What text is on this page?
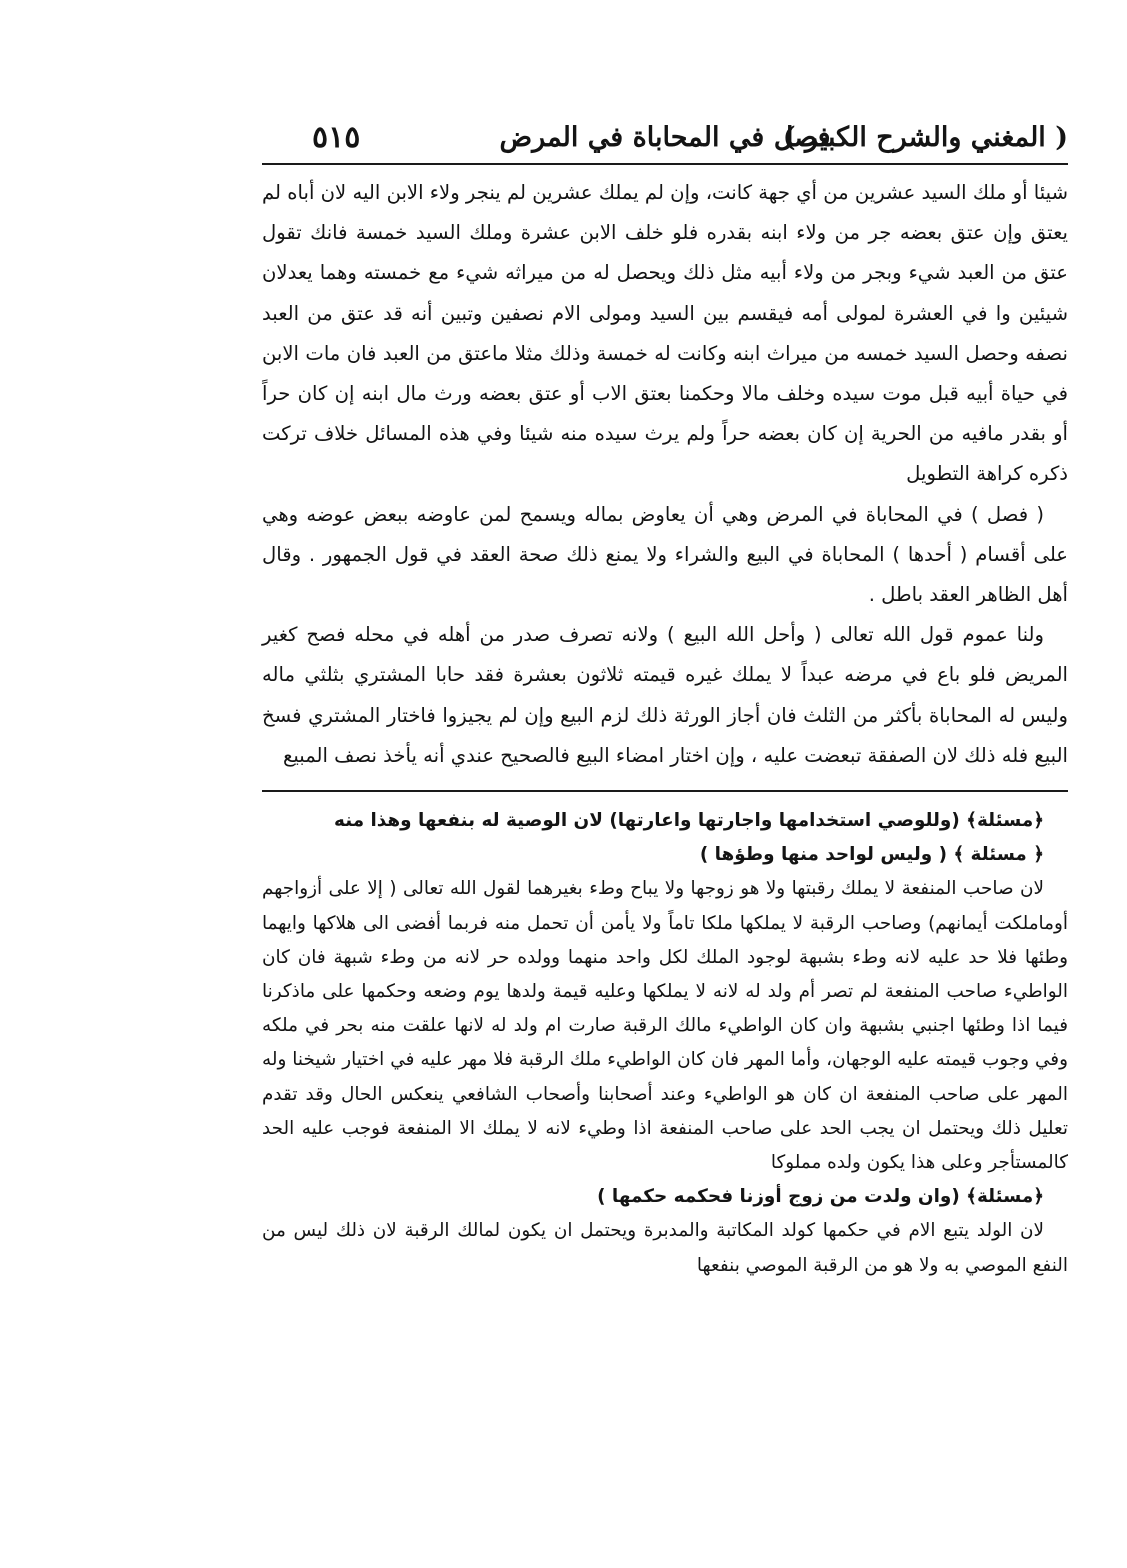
( المغني والشرح الكبير )
فصل في المحاباة في المرض
٥١٥

شيئا أو ملك السيد عشرين من أي جهة كانت، وإن لم يملك عشرين لم ينجر ولاء الابن اليه لان أباه لم يعتق وإن عتق بعضه جر من ولاء ابنه بقدره فلو خلف الابن عشرة وملك السيد خمسة فانك تقول عتق من العبد شيء وبجر من ولاء أبيه مثل ذلك ويحصل له من ميراثه شيء مع خمسته وهما يعدلان شيئين وا في العشرة لمولى أمه فيقسم بين السيد ومولى الام نصفين وتبين أنه قد عتق من العبد نصفه وحصل السيد خمسه من ميراث ابنه وكانت له خمسة وذلك مثلا ماعتق من العبد فان مات الابن في حياة أبيه قبل موت سيده وخلف مالا وحكمنا بعتق الاب أو عتق بعضه ورث مال ابنه إن كان حراً أو بقدر مافيه من الحرية إن كان بعضه حراً ولم يرث سيده منه شيئا وفي هذه المسائل خلاف تركت ذكره كراهة التطويل

( فصل ) في المحاباة في المرض وهي أن يعاوض بماله ويسمح لمن عاوضه ببعض عوضه وهي على أقسام ( أحدها ) المحاباة في البيع والشراء ولا يمنع ذلك صحة العقد في قول الجمهور . وقال أهل الظاهر العقد باطل .

ولنا عموم قول الله تعالى ( وأحل الله البيع ) ولانه تصرف صدر من أهله في محله فصح كغير المريض فلو باع في مرضه عبداً لا يملك غيره قيمته ثلاثون بعشرة فقد حابا المشتري بثلثي ماله وليس له المحاباة بأكثر من الثلث فان أجاز الورثة ذلك لزم البيع وإن لم يجيزوا فاختار المشتري فسخ البيع فله ذلك لان الصفقة تبعضت عليه ، وإن اختار امضاء البيع فالصحيح عندي أنه يأخذ نصف المبيع

﴿مسئلة﴾ (وللوصي استخدامها واجارتها واعارتها) لان الوصية له بنفعها وهذا منه

﴿ مسئلة ﴾ ( وليس لواحد منها وطؤها )

لان صاحب المنفعة لا يملك رقبتها ولا هو زوجها ولا يباح وطء بغيرهما لقول الله تعالى ( إلا على أزواجهم أوماملكت أيمانهم) وصاحب الرقبة لا يملكها ملكا تاماً ولا يأمن أن تحمل منه فربما أفضى الى هلاكها وايهما وطئها فلا حد عليه لانه وطء بشبهة لوجود الملك لكل واحد منهما وولده حر لانه من وطء شبهة فان كان الواطيء صاحب المنفعة لم تصر أم ولد له لانه لا يملكها وعليه قيمة ولدها يوم وضعه وحكمها على ماذكرنا فيما اذا وطئها اجنبي بشبهة وان كان الواطيء مالك الرقبة صارت ام ولد له لانها علقت منه بحر في ملكه وفي وجوب قيمته عليه الوجهان، وأما المهر فان كان الواطيء ملك الرقبة فلا مهر عليه في اختيار شيخنا وله المهر على صاحب المنفعة ان كان هو الواطيء وعند أصحابنا وأصحاب الشافعي ينعكس الحال وقد تقدم تعليل ذلك ويحتمل ان يجب الحد على صاحب المنفعة اذا وطيء لانه لا يملك الا المنفعة فوجب عليه الحد كالمستأجر وعلى هذا يكون ولده مملوكا

﴿مسئلة﴾ (وان ولدت من زوج أوزنا فحكمه حكمها )

لان الولد يتبع الام في حكمها كولد المكاتبة والمدبرة ويحتمل ان يكون لمالك الرقبة لان ذلك ليس من النفع الموصي به ولا هو من الرقبة الموصي بنفعها
